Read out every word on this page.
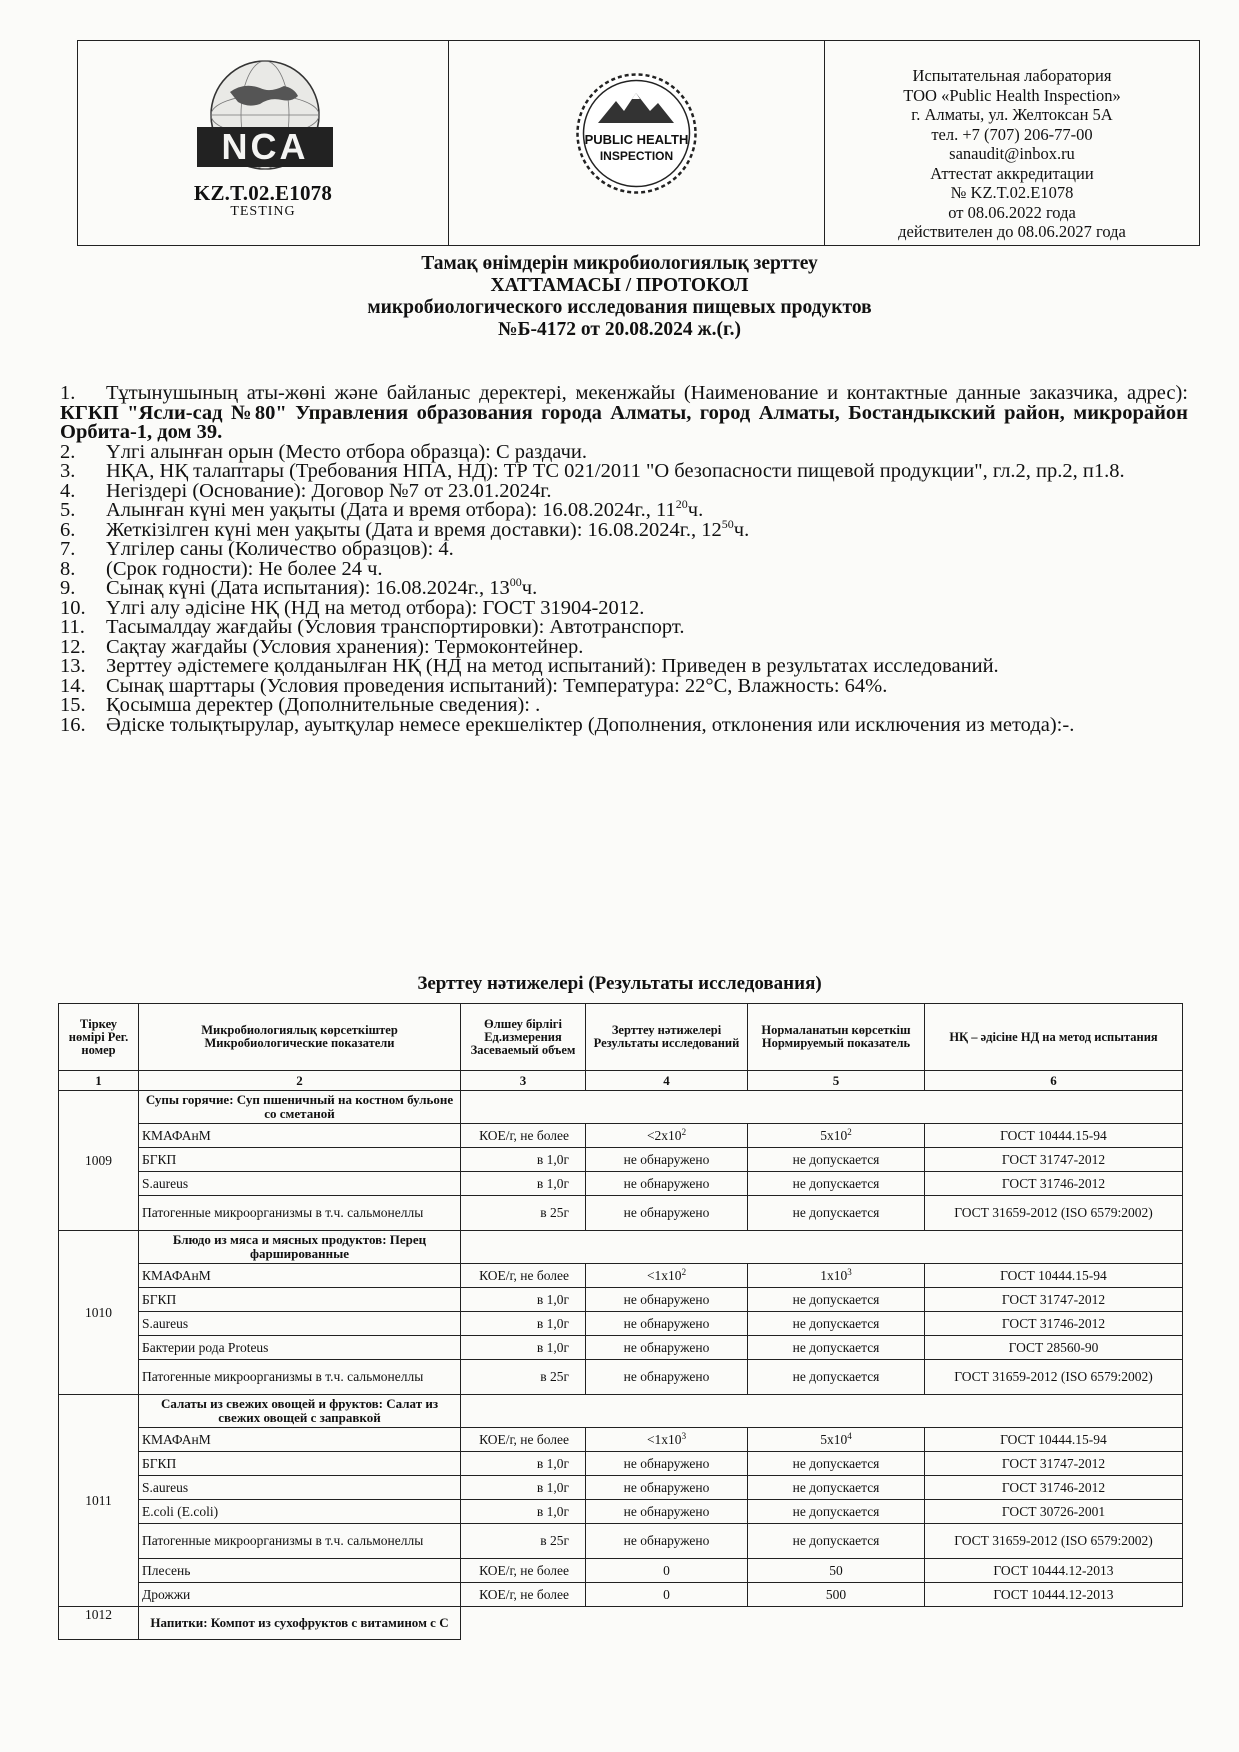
NCA
KZ.T.02.E1078
TESTING
PUBLIC HEALTH
INSPECTION
Испытательная лаборатория
ТОО «Public Health Inspection»
г. Алматы, ул. Желтоксан 5А
тел. +7 (707) 206-77-00
sanaudit@inbox.ru
Аттестат аккредитации
№ KZ.T.02.E1078
от 08.06.2022 года
действителен до 08.06.2027 года
Тамақ өнімдерін микробиологиялық зерттеу
ХАТТАМАСЫ / ПРОТОКОЛ
микробиологического исследования пищевых продуктов
№Б-4172 от 20.08.2024 ж.(г.)

1. Тұтынушының аты-жөні және байланыс деректері, мекенжайы (Наименование и контактные данные заказчика, адрес): КГКП "Ясли-сад №80" Управления образования города Алматы, город Алматы, Бостандыкский район, микрорайон Орбита-1, дом 39.

2. Үлгі алынған орын (Место отбора образца): С раздачи.

3. НҚА, НҚ талаптары (Требования НПА, НД): ТР ТС 021/2011 "О безопасности пищевой продукции", гл.2, пр.2, п1.8.

4. Негіздері (Основание): Договор №7 от 23.01.2024г.

5. Алынған күні мен уақыты (Дата и время отбора): 16.08.2024г., $11^{20}ч$.

6. Жеткізілген күні мен уақыты (Дата и время доставки): 16.08.2024г., $12^{50}ч$.

7. Үлгілер саны (Количество образцов): 4.

8. (Срок годности): Не более 24 ч.

9. Сынақ күні (Дата испытания): 16.08.2024г., $13^{00}ч$.

10. Үлгі алу әдісіне НҚ (НД на метод отбора): ГОСТ 31904-2012.

11. Тасымалдау жағдайы (Условия транспортировки): Автотранспорт.

12. Сақтау жағдайы (Условия хранения): Термоконтейнер.

13. Зерттеу әдістемеге қолданылған НҚ (НД на метод испытаний): Приведен в результатах исследований.

14. Сынақ шарттары (Условия проведения испытаний): Температура: 22°С, Влажность: 64%.

15. Қосымша деректер (Дополнительные сведения): .

16. Әдіске толықтырулар, ауытқулар немесе ерекшеліктер (Дополнения, отклонения или исключения из метода):-.

Зерттеу нәтижелері (Результаты исследования)
Тіркеу нөмірі Рег. номер	Микробиологиялық көрсеткіштер Микробиологические показатели	Өлшеу бірлігі Ед.измерения Засеваемый объем	Зерттеу нәтижелері Результаты исследований	Нормаланатын көрсеткіш Нормируемый показатель	НҚ – әдісіне НД на метод испытания
1	2	3	4	5	6
1009	Супы горячие: Суп пшеничный на костном бульоне со сметаной				
	КМАФАнМ	КОЕ/г, не более	$<2x10^2$	$5x10^2$	ГОСТ 10444.15-94
	БГКП	в 1,0г	не обнаружено	не допускается	ГОСТ 31747-2012
	S.aureus	в 1,0г	не обнаружено	не допускается	ГОСТ 31746-2012
	Патогенные микроорганизмы в т.ч. сальмонеллы	в 25г	не обнаружено	не допускается	ГОСТ 31659-2012 (ISO 6579:2002)
1010	Блюдо из мяса и мясных продуктов: Перец фаршированные				
	КМАФАнМ	КОЕ/г, не более	$<1x10^2$	$1x10^3$	ГОСТ 10444.15-94
	БГКП	в 1,0г	не обнаружено	не допускается	ГОСТ 31747-2012
	S.aureus	в 1,0г	не обнаружено	не допускается	ГОСТ 31746-2012
	Бактерии рода Proteus	в 1,0г	не обнаружено	не допускается	ГОСТ 28560-90
	Патогенные микроорганизмы в т.ч. сальмонеллы	в 25г	не обнаружено	не допускается	ГОСТ 31659-2012 (ISO 6579:2002)
1011	Салаты из свежих овощей и фруктов: Салат из свежих овощей с заправкой				
	КМАФАнМ	КОЕ/г, не более	$<1x10^3$	$5x10^4$	ГОСТ 10444.15-94
	БГКП	в 1,0г	не обнаружено	не допускается	ГОСТ 31747-2012
	S.aureus	в 1,0г	не обнаружено	не допускается	ГОСТ 31746-2012
	E.coli (E.coli)	в 1,0г	не обнаружено	не допускается	ГОСТ 30726-2001
	Патогенные микроорганизмы в т.ч. сальмонеллы	в 25г	не обнаружено	не допускается	ГОСТ 31659-2012 (ISO 6579:2002)
	Плесень	КОЕ/г, не более	0	50	ГОСТ 10444.12-2013
	Дрожжи	КОЕ/г, не более	0	500	ГОСТ 10444.12-2013
1012	Напитки: Компот из сухофруктов с витамином с С				
